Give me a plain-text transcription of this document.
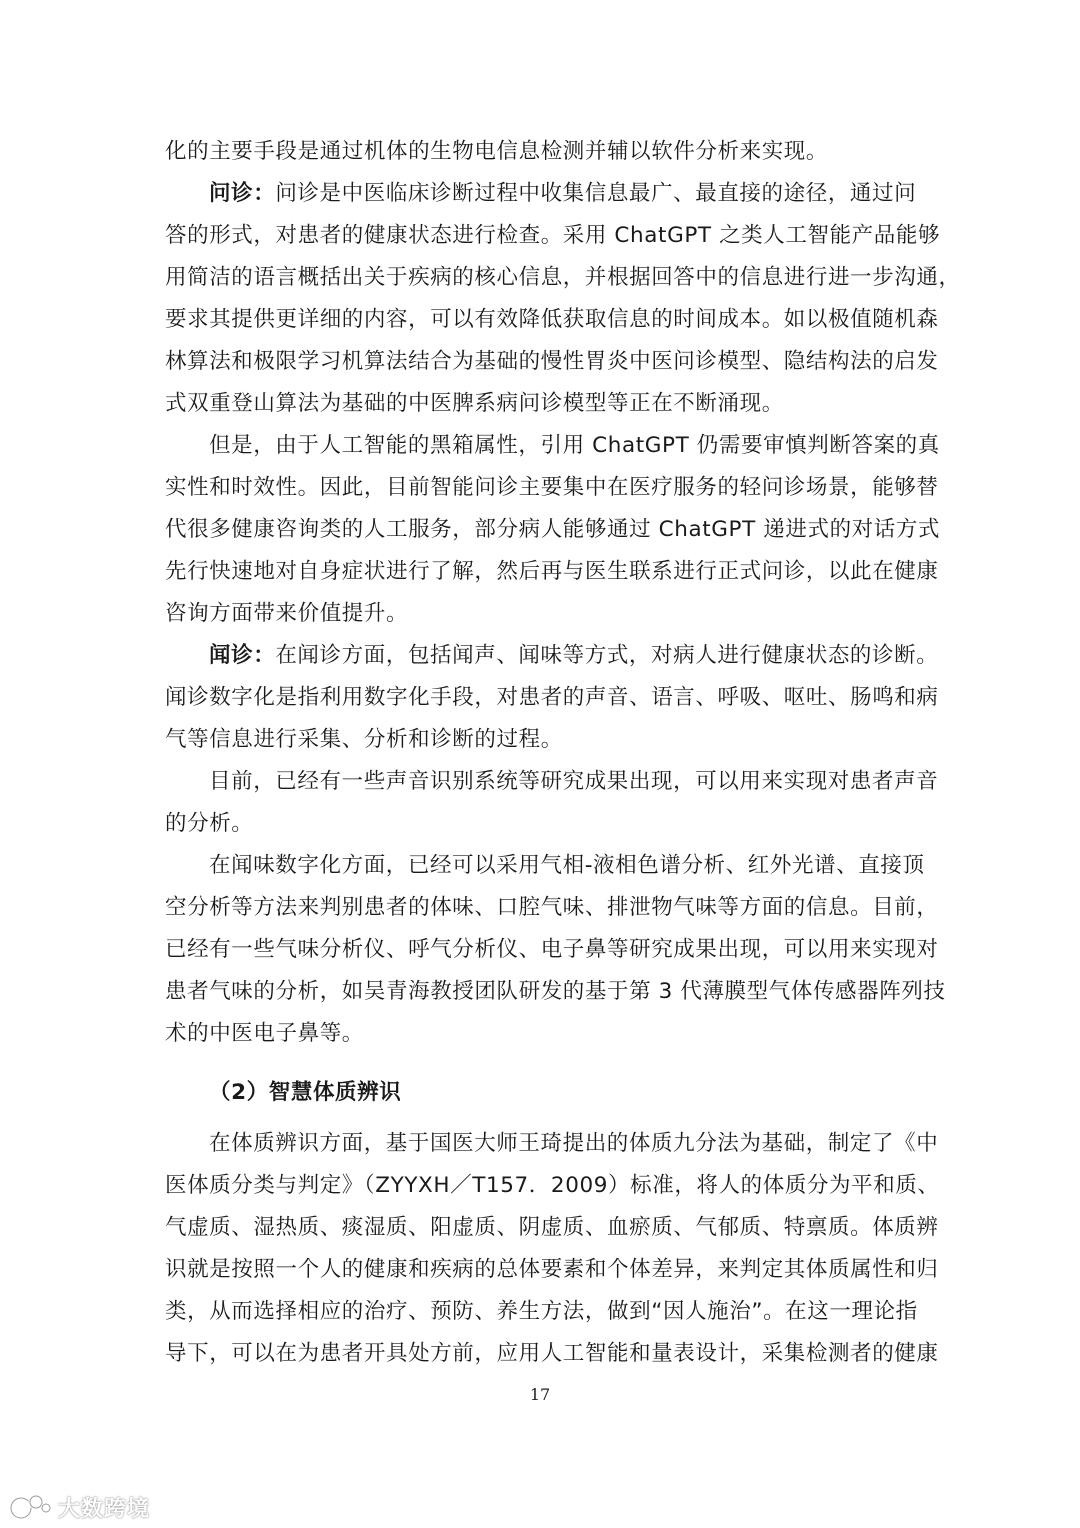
化的主要手段是通过机体的生物电信息检测并辅以软件分析来实现。
问诊：问诊是中医临床诊断过程中收集信息最广、最直接的途径，通过问
答的形式，对患者的健康状态进行检查。采用 ChatGPT 之类人工智能产品能够
用简洁的语言概括出关于疾病的核心信息，并根据回答中的信息进行进一步沟通，
要求其提供更详细的内容，可以有效降低获取信息的时间成本。如以极值随机森
林算法和极限学习机算法结合为基础的慢性胃炎中医问诊模型、隐结构法的启发
式双重登山算法为基础的中医脾系病问诊模型等正在不断涌现。
但是，由于人工智能的黑箱属性，引用 ChatGPT 仍需要审慎判断答案的真
实性和时效性。因此，目前智能问诊主要集中在医疗服务的轻问诊场景，能够替
代很多健康咨询类的人工服务，部分病人能够通过 ChatGPT 递进式的对话方式
先行快速地对自身症状进行了解，然后再与医生联系进行正式问诊，以此在健康
咨询方面带来价值提升。
闻诊：在闻诊方面，包括闻声、闻味等方式，对病人进行健康状态的诊断。
闻诊数字化是指利用数字化手段，对患者的声音、语言、呼吸、呕吐、肠鸣和病
气等信息进行采集、分析和诊断的过程。
目前，已经有一些声音识别系统等研究成果出现，可以用来实现对患者声音
的分析。
在闻味数字化方面，已经可以采用气相-液相色谱分析、红外光谱、直接顶
空分析等方法来判别患者的体味、口腔气味、排泄物气味等方面的信息。目前，
已经有一些气味分析仪、呼气分析仪、电子鼻等研究成果出现，可以用来实现对
患者气味的分析，如吴青海教授团队研发的基于第 3 代薄膜型气体传感器阵列技
术的中医电子鼻等。
（2）智慧体质辨识
在体质辨识方面，基于国医大师王琦提出的体质九分法为基础，制定了《中
医体质分类与判定》（ZYYXH／T157．2009）标准，将人的体质分为平和质、
气虚质、湿热质、痰湿质、阳虚质、阴虚质、血瘀质、气郁质、特禀质。体质辨
识就是按照一个人的健康和疾病的总体要素和个体差异，来判定其体质属性和归
类，从而选择相应的治疗、预防、养生方法，做到“因人施治”。在这一理论指
导下，可以在为患者开具处方前，应用人工智能和量表设计，采集检测者的健康
17
大数跨境
